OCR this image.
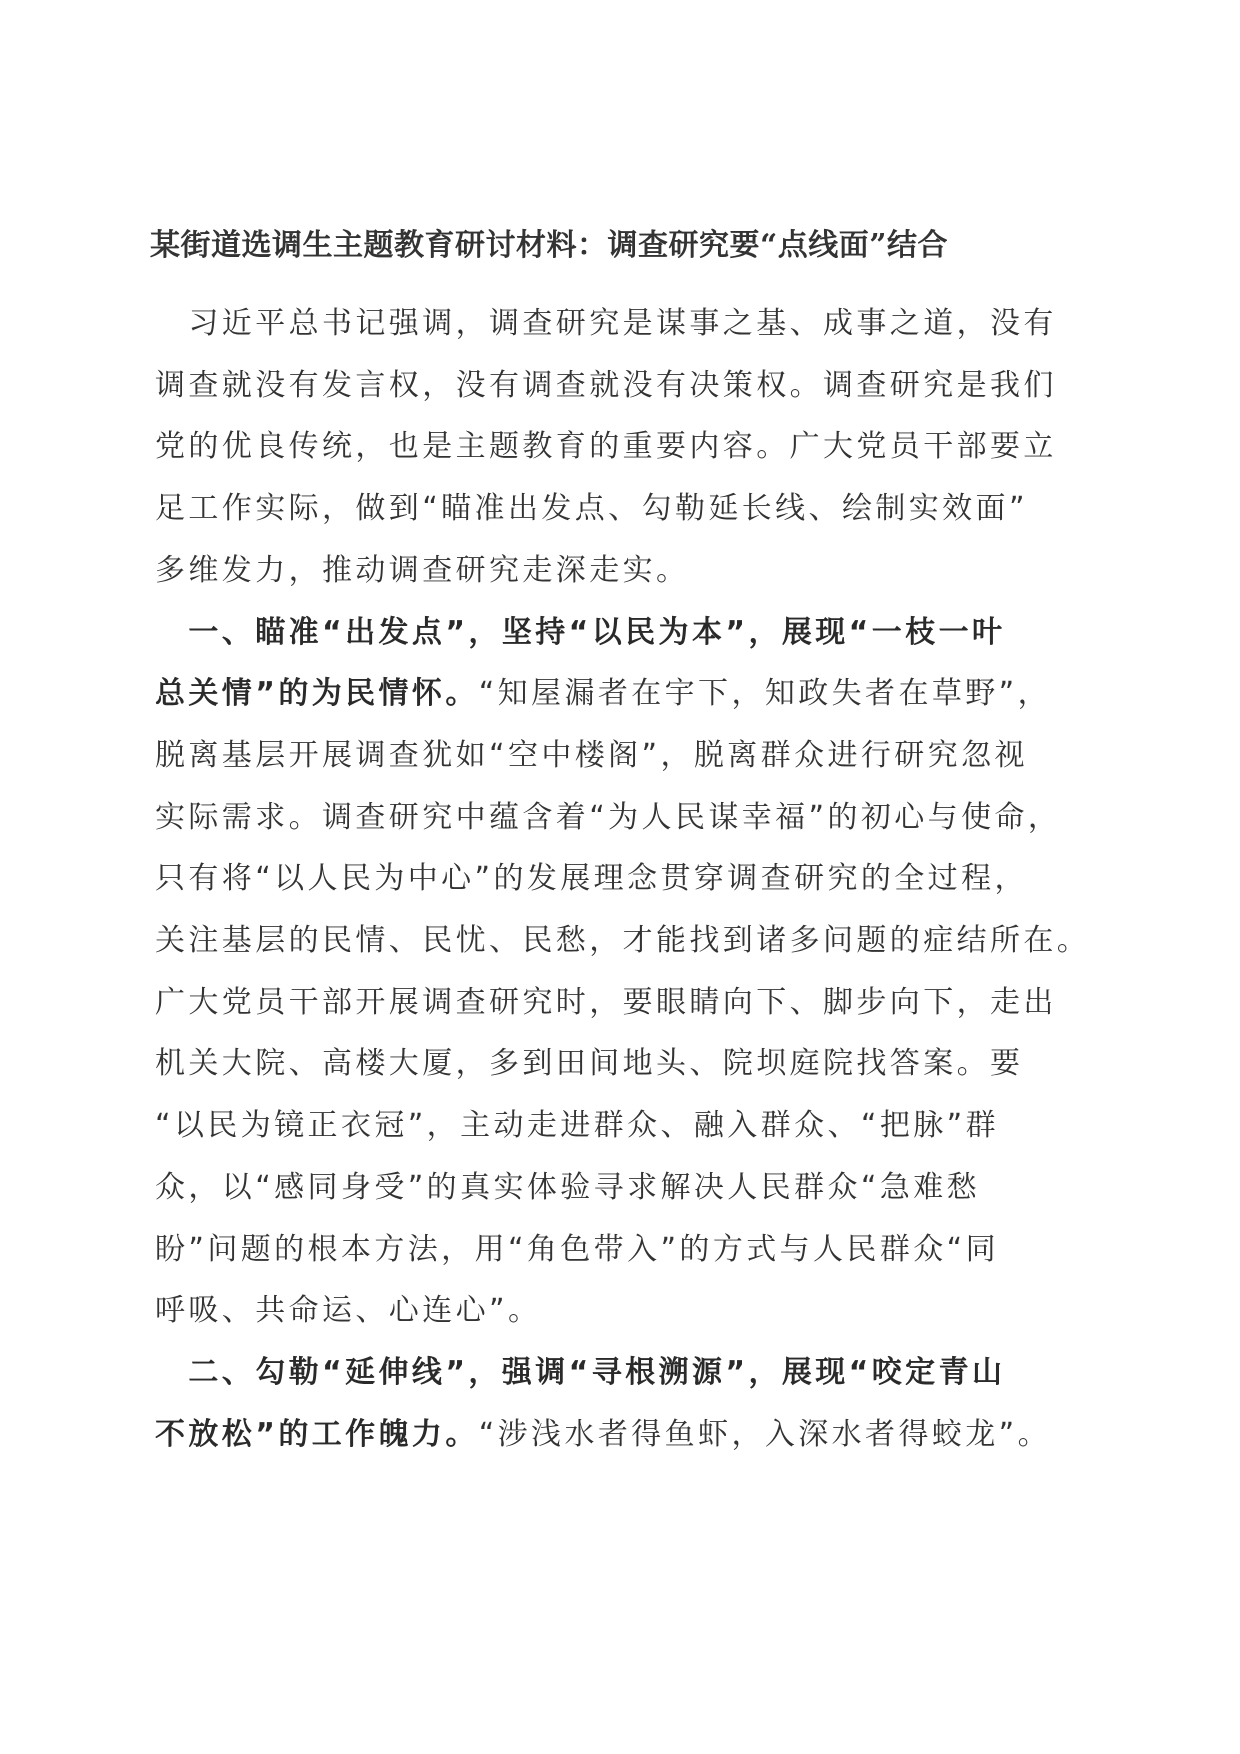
某街道选调生主题教育研讨材料：调查研究要“点线面”结合

　习近平总书记强调，调查研究是谋事之基、成事之道，没有

调查就没有发言权，没有调查就没有决策权。调查研究是我们

党的优良传统，也是主题教育的重要内容。广大党员干部要立

足工作实际，做到“瞄准出发点、勾勒延长线、绘制实效面”

多维发力，推动调查研究走深走实。

　一、瞄准“出发点”，坚持“以民为本”，展现“一枝一叶

总关情”的为民情怀。“知屋漏者在宇下，知政失者在草野”，

脱离基层开展调查犹如“空中楼阁”，脱离群众进行研究忽视

实际需求。调查研究中蕴含着“为人民谋幸福”的初心与使命，

只有将“以人民为中心”的发展理念贯穿调查研究的全过程，

关注基层的民情、民忧、民愁，才能找到诸多问题的症结所在。

广大党员干部开展调查研究时，要眼睛向下、脚步向下，走出

机关大院、高楼大厦，多到田间地头、院坝庭院找答案。要

“以民为镜正衣冠”，主动走进群众、融入群众、“把脉”群

众，以“感同身受”的真实体验寻求解决人民群众“急难愁

盼”问题的根本方法，用“角色带入”的方式与人民群众“同

呼吸、共命运、心连心”。

　二、勾勒“延伸线”，强调“寻根溯源”，展现“咬定青山

不放松”的工作魄力。“涉浅水者得鱼虾，入深水者得蛟龙”。
